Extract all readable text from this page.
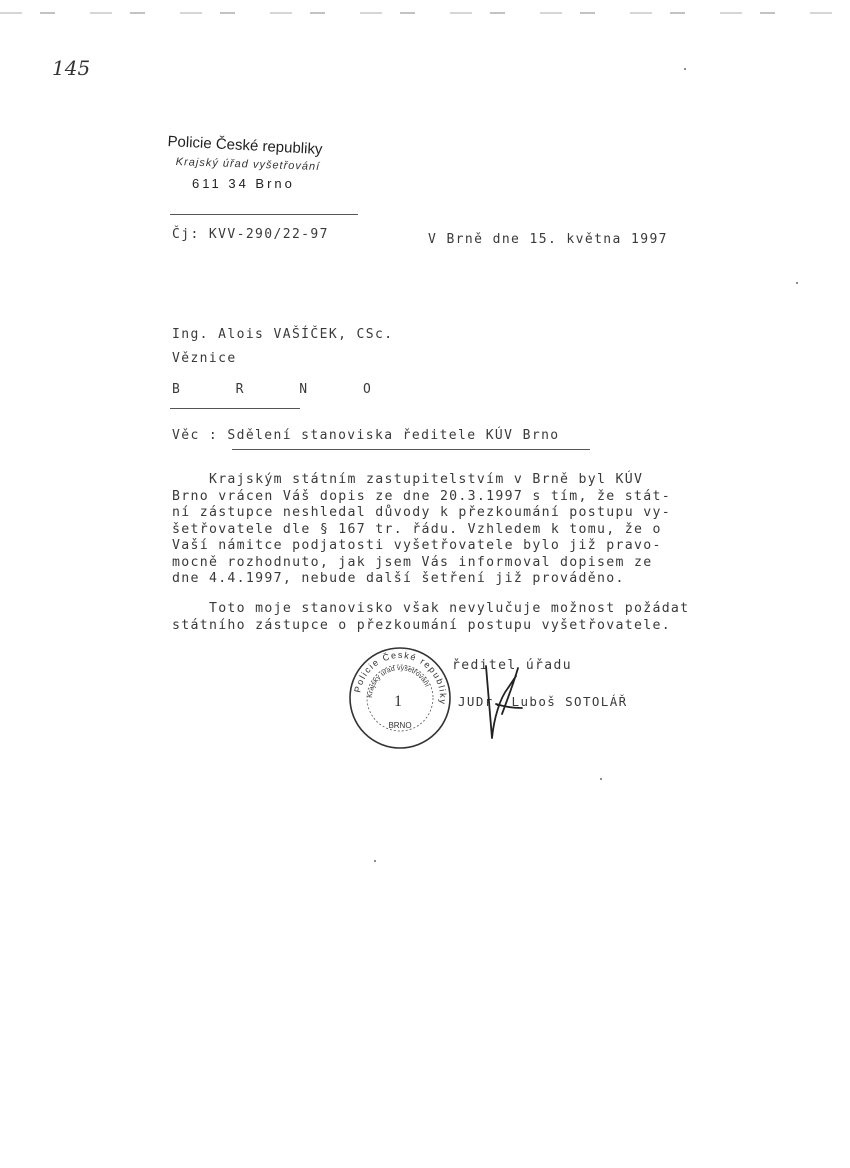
145
Policie České republiky
Krajský úřad vyšetřování
611 34 Brno
Čj: KVV-290/22-97	V Brně dne 15. května 1997
Ing. Alois VAŠÍČEK, CSc.
Věznice
B R N O
Věc : Sdělení stanoviska ředitele KÚV Brno
Krajským státním zastupitelstvím v Brně byl KÚV
Brno vrácen Váš dopis ze dne 20.3.1997 s tím, že stát-
ní zástupce neshledal důvody k přezkoumání postupu vy-
šetřovatele dle § 167 tr. řádu. Vzhledem k tomu, že o
Vaší námitce podjatosti vyšetřovatele bylo již pravo-
mocně rozhodnuto, jak jsem Vás informoval dopisem ze
dne 4.4.1997, nebude další šetření již prováděno.
Toto moje stanovisko však nevylučuje možnost požádat
státního zástupce o přezkoumání postupu vyšetřovatele.
Policie České republiky
Krajský úřad vyšetřování
1
BRNO
ředitel úřadu
JUDr. Luboš SOTOLÁŘ
